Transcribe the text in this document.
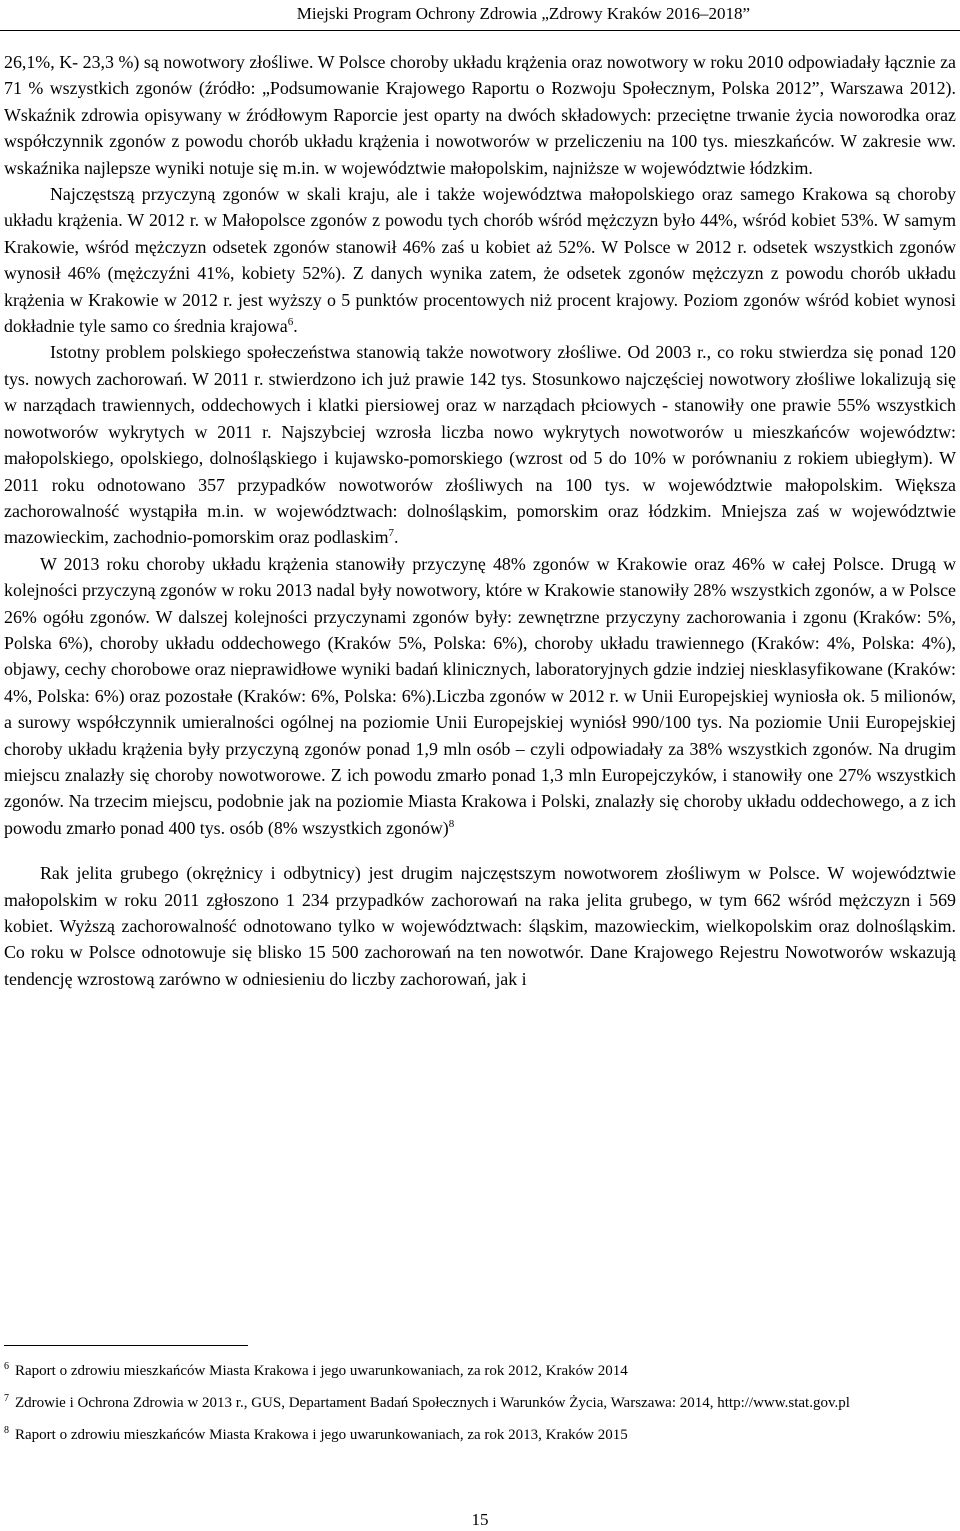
Miejski Program Ochrony Zdrowia „Zdrowy Kraków 2016–2018”

26,1%, K- 23,3 %) są nowotwory złośliwe. W Polsce choroby układu krążenia oraz nowotwory w roku 2010 odpowiadały łącznie za 71 % wszystkich zgonów (źródło: „Podsumowanie Krajowego Raportu o Rozwoju Społecznym, Polska 2012”, Warszawa 2012). Wskaźnik zdrowia opisywany w źródłowym Raporcie jest oparty na dwóch składowych: przeciętne trwanie życia noworodka oraz współczynnik zgonów z powodu chorób układu krążenia i nowotworów w przeliczeniu na 100 tys. mieszkańców. W zakresie ww. wskaźnika najlepsze wyniki notuje się m.in. w województwie małopolskim, najniższe w województwie łódzkim.

Najczęstszą przyczyną zgonów w skali kraju, ale i także województwa małopolskiego oraz samego Krakowa są choroby układu krążenia. W 2012 r. w Małopolsce zgonów z powodu tych chorób wśród mężczyzn było 44%, wśród kobiet 53%. W samym Krakowie, wśród mężczyzn odsetek zgonów stanowił 46% zaś u kobiet aż 52%. W Polsce w 2012 r. odsetek wszystkich zgonów wynosił 46% (mężczyźni 41%, kobiety 52%). Z danych wynika zatem, że odsetek zgonów mężczyzn z powodu chorób układu krążenia w Krakowie w 2012 r. jest wyższy o 5 punktów procentowych niż procent krajowy. Poziom zgonów wśród kobiet wynosi dokładnie tyle samo co średnia krajowa$^6$.

Istotny problem polskiego społeczeństwa stanowią także nowotwory złośliwe. Od 2003 r., co roku stwierdza się ponad 120 tys. nowych zachorowań. W 2011 r. stwierdzono ich już prawie 142 tys. Stosunkowo najczęściej nowotwory złośliwe lokalizują się w narządach trawiennych, oddechowych i klatki piersiowej oraz w narządach płciowych - stanowiły one prawie 55% wszystkich nowotworów wykrytych w 2011 r. Najszybciej wzrosła liczba nowo wykrytych nowotworów u mieszkańców województw: małopolskiego, opolskiego, dolnośląskiego i kujawsko-pomorskiego (wzrost od 5 do 10% w porównaniu z rokiem ubiegłym). W 2011 roku odnotowano 357 przypadków nowotworów złośliwych na 100 tys. w województwie małopolskim. Większa zachorowalność wystąpiła m.in. w województwach: dolnośląskim, pomorskim oraz łódzkim. Mniejsza zaś w województwie mazowieckim, zachodnio-pomorskim oraz podlaskim$^7$.

W 2013 roku choroby układu krążenia stanowiły przyczynę 48% zgonów w Krakowie oraz 46% w całej Polsce. Drugą w kolejności przyczyną zgonów w roku 2013 nadal były nowotwory, które w Krakowie stanowiły 28% wszystkich zgonów, a w Polsce 26% ogółu zgonów. W dalszej kolejności przyczynami zgonów były: zewnętrzne przyczyny zachorowania i zgonu (Kraków: 5%, Polska 6%), choroby układu oddechowego (Kraków 5%, Polska: 6%), choroby układu trawiennego (Kraków: 4%, Polska: 4%), objawy, cechy chorobowe oraz nieprawidłowe wyniki badań klinicznych, laboratoryjnych gdzie indziej niesklasyfikowane (Kraków: 4%, Polska: 6%) oraz pozostałe (Kraków: 6%, Polska: 6%).Liczba zgonów w 2012 r. w Unii Europejskiej wyniosła ok. 5 milionów, a surowy współczynnik umieralności ogólnej na poziomie Unii Europejskiej wyniósł 990/100 tys. Na poziomie Unii Europejskiej choroby układu krążenia były przyczyną zgonów ponad 1,9 mln osób – czyli odpowiadały za 38% wszystkich zgonów. Na drugim miejscu znalazły się choroby nowotworowe. Z ich powodu zmarło ponad 1,3 mln Europejczyków, i stanowiły one 27% wszystkich zgonów. Na trzecim miejscu, podobnie jak na poziomie Miasta Krakowa i Polski, znalazły się choroby układu oddechowego, a z ich powodu zmarło ponad 400 tys. osób (8% wszystkich zgonów)$^8$

Rak jelita grubego (okrężnicy i odbytnicy) jest drugim najczęstszym nowotworem złośliwym w Polsce. W województwie małopolskim w roku 2011 zgłoszono 1 234 przypadków zachorowań na raka jelita grubego, w tym 662 wśród mężczyzn i 569 kobiet. Wyższą zachorowalność odnotowano tylko w województwach: śląskim, mazowieckim, wielkopolskim oraz dolnośląskim. Co roku w Polsce odnotowuje się blisko 15 500 zachorowań na ten nowotwór. Dane Krajowego Rejestru Nowotworów wskazują tendencję wzrostową zarówno w odniesieniu do liczby zachorowań, jak i

$^6$ Raport o zdrowiu mieszkańców Miasta Krakowa i jego uwarunkowaniach, za rok 2012, Kraków 2014

$^7$ Zdrowie i Ochrona Zdrowia w 2013 r., GUS, Departament Badań Społecznych i Warunków Życia, Warszawa: 2014, http://www.stat.gov.pl

$^8$ Raport o zdrowiu mieszkańców Miasta Krakowa i jego uwarunkowaniach, za rok 2013, Kraków 2015

15
